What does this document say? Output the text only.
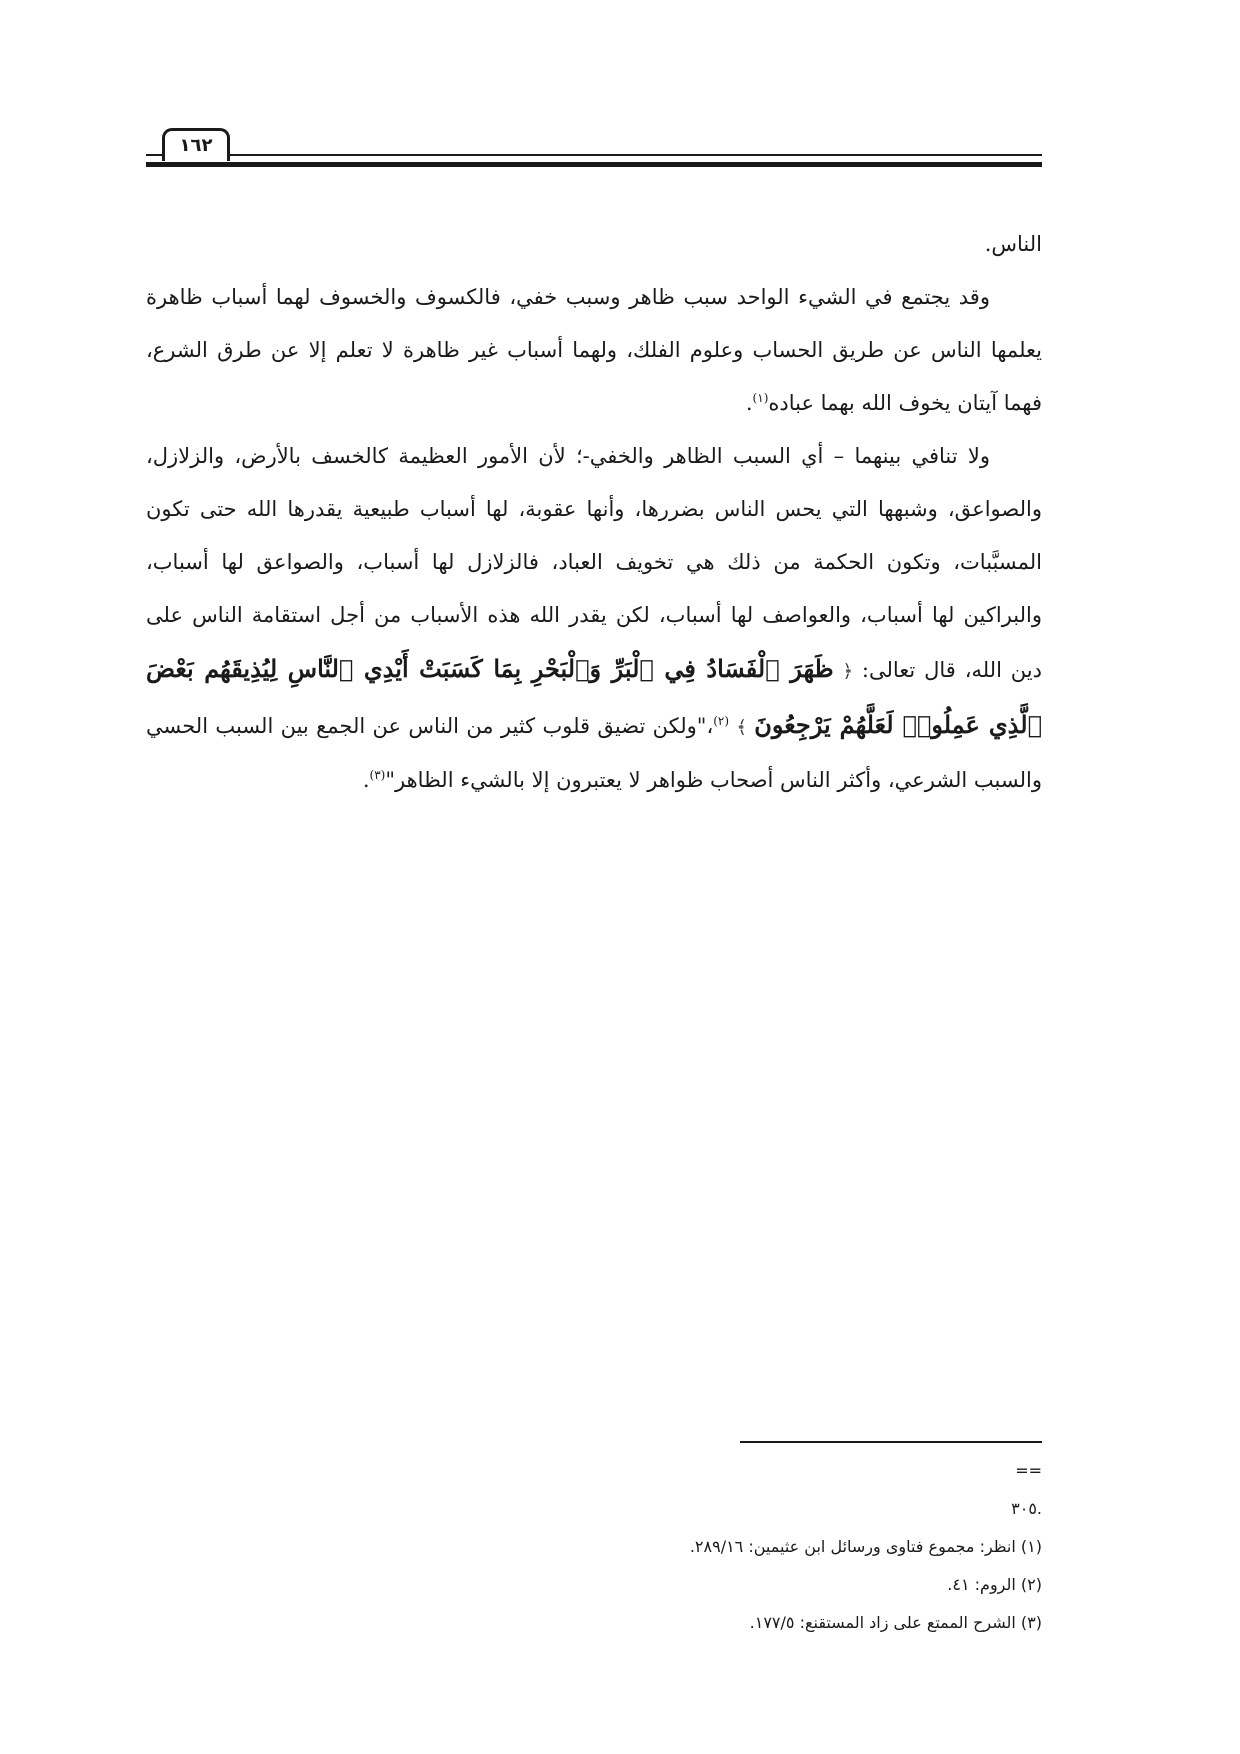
١٦٢

الناس.

وقد يجتمع في الشيء الواحد سبب ظاهر وسبب خفي، فالكسوف والخسوف لهما أسباب ظاهرة يعلمها الناس عن طريق الحساب وعلوم الفلك، ولهما أسباب غير ظاهرة لا تعلم إلا عن طرق الشرع، فهما آيتان يخوف الله بهما عباده$^{(١)}$.

ولا تنافي بينهما – أي السبب الظاهر والخفي-؛ لأن الأمور العظيمة كالخسف بالأرض، والزلازل، والصواعق، وشبهها التي يحس الناس بضررها، وأنها عقوبة، لها أسباب طبيعية يقدرها الله حتى تكون المسبَّبات، وتكون الحكمة من ذلك هي تخويف العباد، فالزلازل لها أسباب، والصواعق لها أسباب، والبراكين لها أسباب، والعواصف لها أسباب، لكن يقدر الله هذه الأسباب من أجل استقامة الناس على دين الله، قال تعالى: ﴿ ظَهَرَ ٱلْفَسَادُ فِي ٱلْبَرِّ وَٱلْبَحْرِ بِمَا كَسَبَتْ أَيْدِي ٱلنَّاسِ لِيُذِيقَهُم بَعْضَ ٱلَّذِي عَمِلُوا۟ لَعَلَّهُمْ يَرْجِعُونَ ﴾ $^{(٢)}$،"ولكن تضيق قلوب كثير من الناس عن الجمع بين السبب الحسي والسبب الشرعي، وأكثر الناس أصحاب ظواهر لا يعتبرون إلا بالشيء الظاهر"$^{(٣)}$.

==

.٣٠٥

(١) انظر: مجموع فتاوى ورسائل ابن عثيمين: ٢٨٩/١٦.

(٢) الروم: ٤١.

(٣) الشرح الممتع على زاد المستقنع: ١٧٧/٥.
